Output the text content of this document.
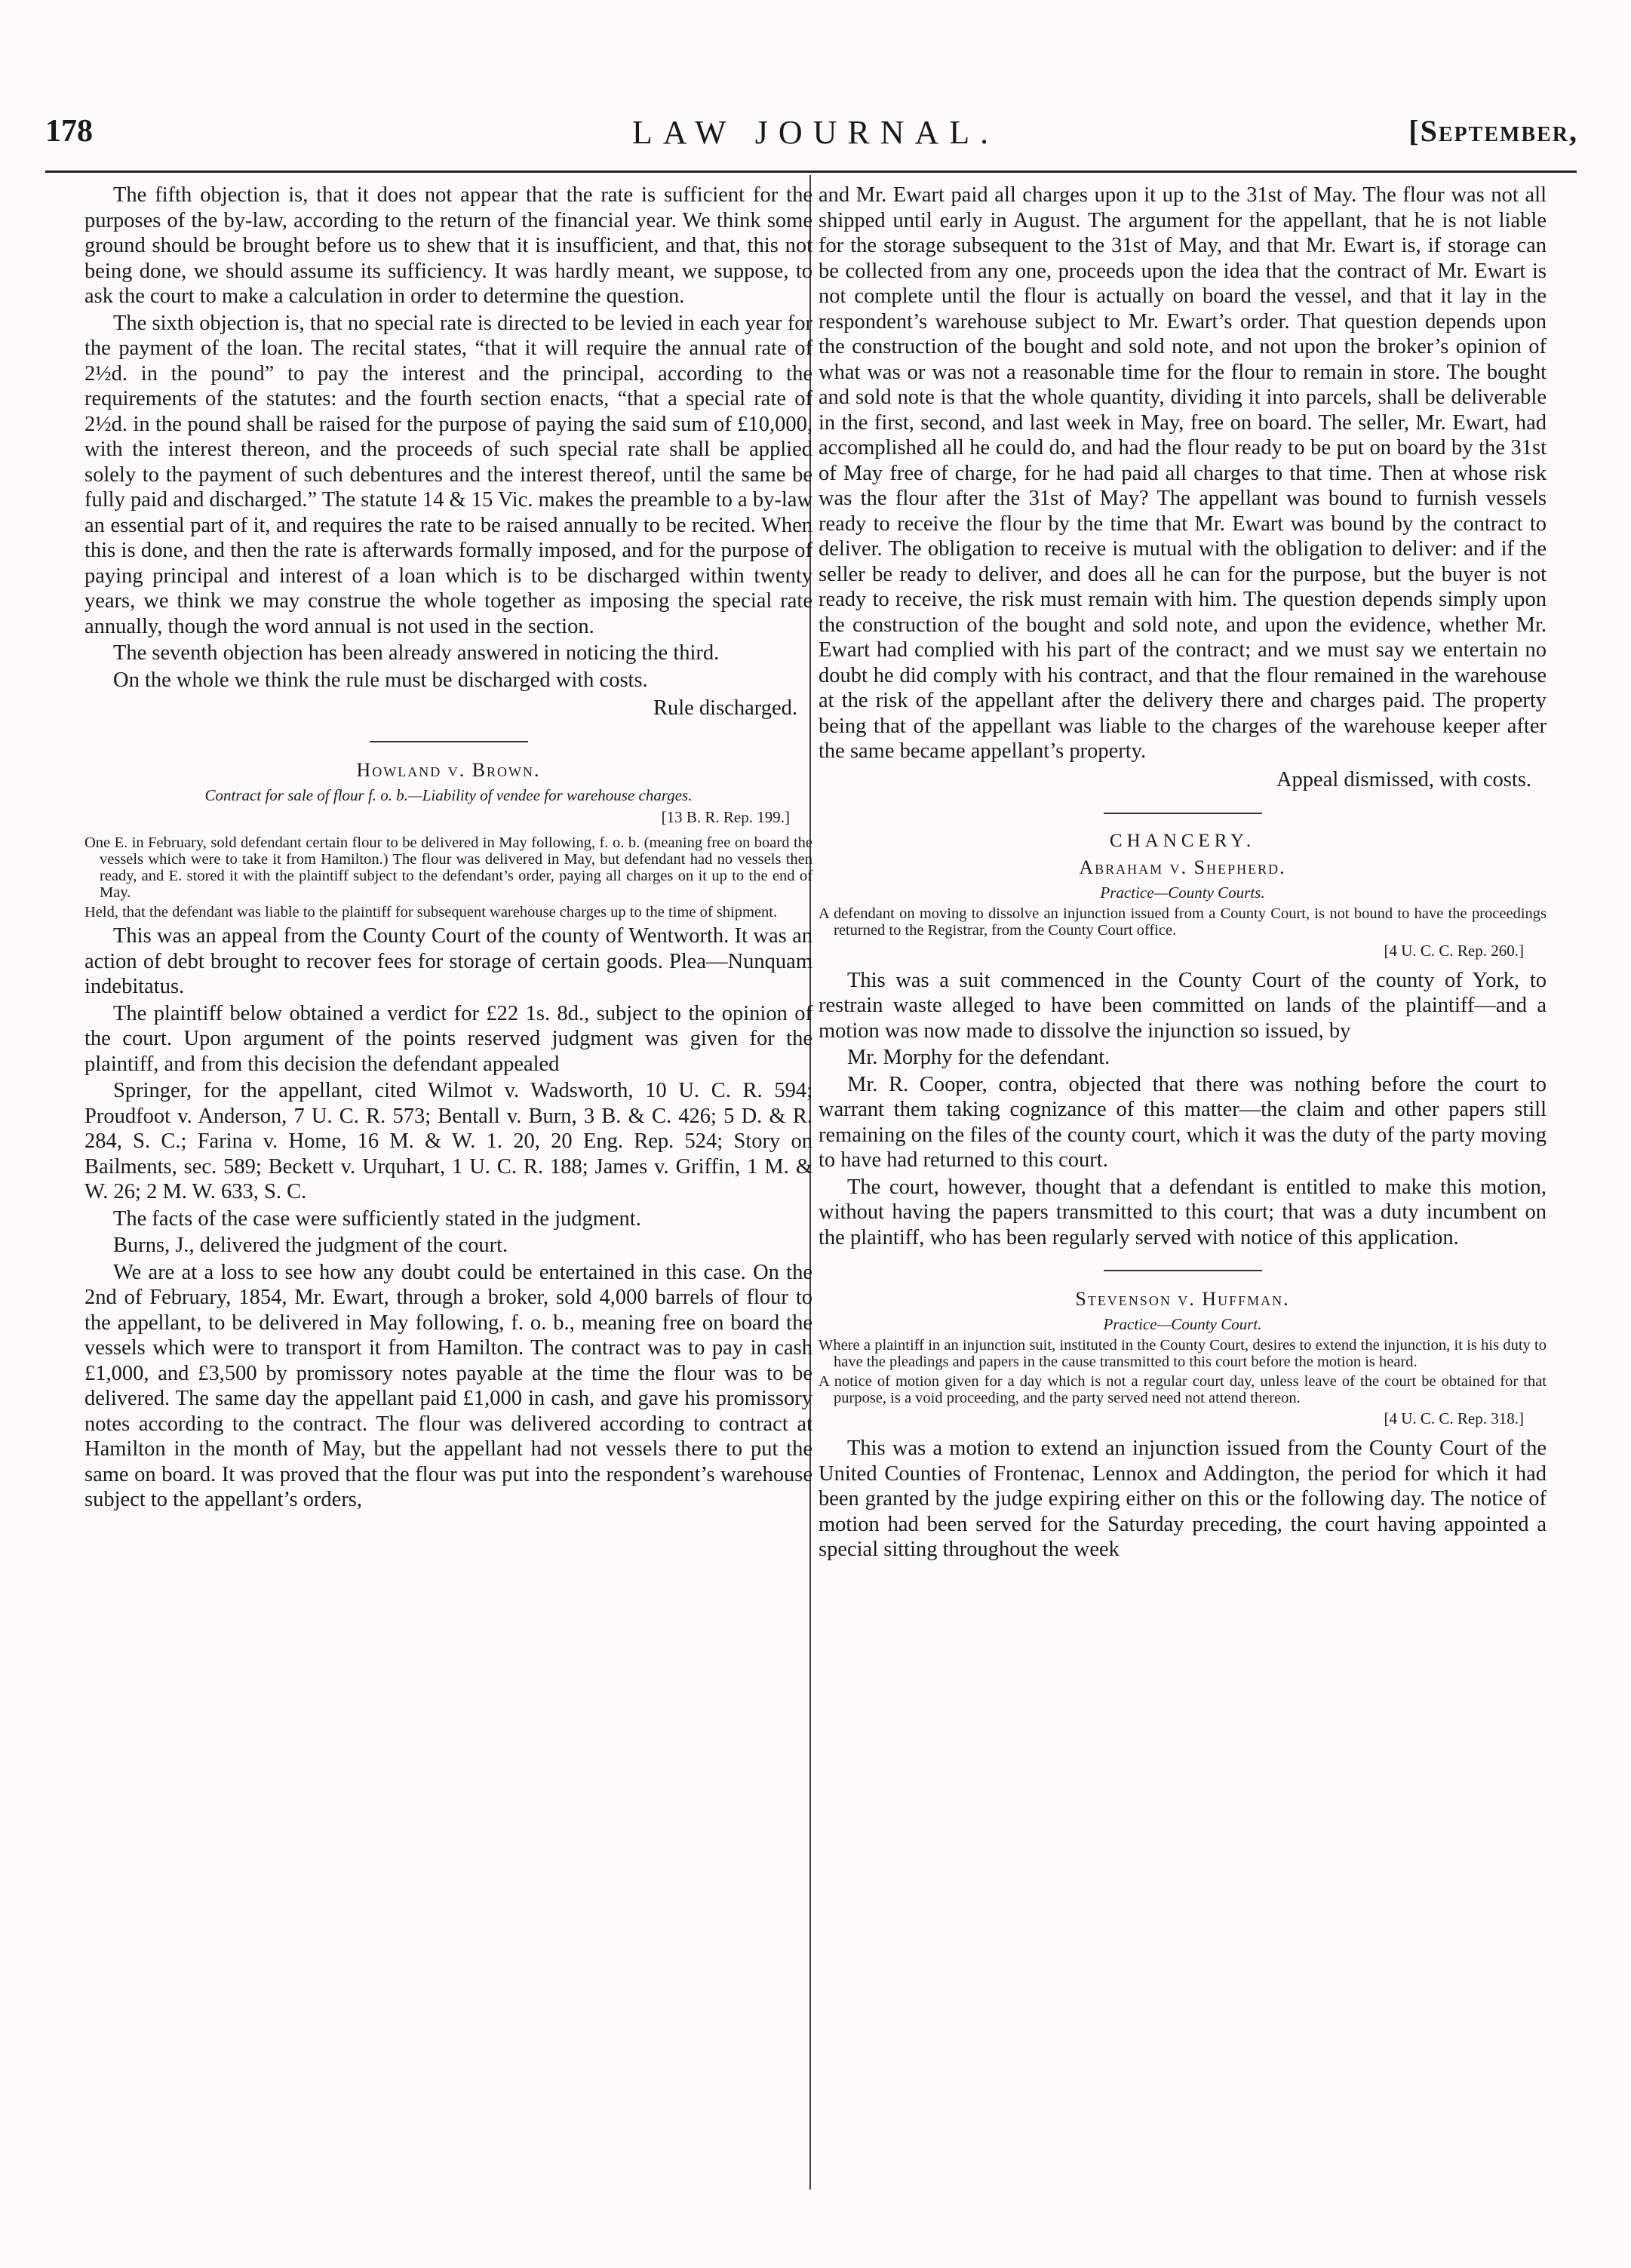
178	LAW JOURNAL.	[September,

The fifth objection is, that it does not appear that the rate is sufficient for the purposes of the by-law, according to the return of the financial year. We think some ground should be brought before us to shew that it is insufficient, and that, this not being done, we should assume its sufficiency. It was hardly meant, we suppose, to ask the court to make a calculation in order to determine the question.

The sixth objection is, that no special rate is directed to be levied in each year for the payment of the loan. The recital states, “that it will require the annual rate of 2½d. in the pound” to pay the interest and the principal, according to the requirements of the statutes: and the fourth section enacts, “that a special rate of 2½d. in the pound shall be raised for the purpose of paying the said sum of £10,000, with the interest thereon, and the proceeds of such special rate shall be applied solely to the payment of such debentures and the interest thereof, until the same be fully paid and discharged.” The statute 14 & 15 Vic. makes the preamble to a by-law an essential part of it, and requires the rate to be raised annually to be recited. When this is done, and then the rate is afterwards formally imposed, and for the purpose of paying principal and interest of a loan which is to be discharged within twenty years, we think we may construe the whole together as imposing the special rate annually, though the word annual is not used in the section.

The seventh objection has been already answered in noticing the third.

On the whole we think the rule must be discharged with costs.

Rule discharged.
Howland v. Brown.
Contract for sale of flour f. o. b.—Liability of vendee for warehouse charges.
[13 B. R. Rep. 199.]
One E. in February, sold defendant certain flour to be delivered in May following, f. o. b. (meaning free on board the vessels which were to take it from Hamilton.) The flour was delivered in May, but defendant had no vessels then ready, and E. stored it with the plaintiff subject to the defendant’s order, paying all charges on it up to the end of May.
Held, that the defendant was liable to the plaintiff for subsequent warehouse charges up to the time of shipment.

This was an appeal from the County Court of the county of Wentworth. It was an action of debt brought to recover fees for storage of certain goods. Plea—Nunquam indebitatus.

The plaintiff below obtained a verdict for £22 1s. 8d., subject to the opinion of the court. Upon argument of the points reserved judgment was given for the plaintiff, and from this decision the defendant appealed

Springer, for the appellant, cited Wilmot v. Wadsworth, 10 U. C. R. 594; Proudfoot v. Anderson, 7 U. C. R. 573; Bentall v. Burn, 3 B. & C. 426; 5 D. & R. 284, S. C.; Farina v. Home, 16 M. & W. 1. 20, 20 Eng. Rep. 524; Story on Bailments, sec. 589; Beckett v. Urquhart, 1 U. C. R. 188; James v. Griffin, 1 M. & W. 26; 2 M. W. 633, S. C.

The facts of the case were sufficiently stated in the judgment.

Burns, J., delivered the judgment of the court.

We are at a loss to see how any doubt could be entertained in this case. On the 2nd of February, 1854, Mr. Ewart, through a broker, sold 4,000 barrels of flour to the appellant, to be delivered in May following, f. o. b., meaning free on board the vessels which were to transport it from Hamilton. The contract was to pay in cash £1,000, and £3,500 by promissory notes payable at the time the flour was to be delivered. The same day the appellant paid £1,000 in cash, and gave his promissory notes according to the contract. The flour was delivered according to contract at Hamilton in the month of May, but the appellant had not vessels there to put the same on board. It was proved that the flour was put into the respondent’s warehouse subject to the appellant’s orders,

and Mr. Ewart paid all charges upon it up to the 31st of May. The flour was not all shipped until early in August. The argument for the appellant, that he is not liable for the storage subsequent to the 31st of May, and that Mr. Ewart is, if storage can be collected from any one, proceeds upon the idea that the contract of Mr. Ewart is not complete until the flour is actually on board the vessel, and that it lay in the respondent’s warehouse subject to Mr. Ewart’s order. That question depends upon the construction of the bought and sold note, and not upon the broker’s opinion of what was or was not a reasonable time for the flour to remain in store. The bought and sold note is that the whole quantity, dividing it into parcels, shall be deliverable in the first, second, and last week in May, free on board. The seller, Mr. Ewart, had accomplished all he could do, and had the flour ready to be put on board by the 31st of May free of charge, for he had paid all charges to that time. Then at whose risk was the flour after the 31st of May? The appellant was bound to furnish vessels ready to receive the flour by the time that Mr. Ewart was bound by the contract to deliver. The obligation to receive is mutual with the obligation to deliver: and if the seller be ready to deliver, and does all he can for the purpose, but the buyer is not ready to receive, the risk must remain with him. The question depends simply upon the construction of the bought and sold note, and upon the evidence, whether Mr. Ewart had complied with his part of the contract; and we must say we entertain no doubt he did comply with his contract, and that the flour remained in the warehouse at the risk of the appellant after the delivery there and charges paid. The property being that of the appellant was liable to the charges of the warehouse keeper after the same became appellant’s property.

Appeal dismissed, with costs.
CHANCERY.
Abraham v. Shepherd.
Practice—County Courts.
A defendant on moving to dissolve an injunction issued from a County Court, is not bound to have the proceedings returned to the Registrar, from the County Court office.
[4 U. C. C. Rep. 260.]

This was a suit commenced in the County Court of the county of York, to restrain waste alleged to have been committed on lands of the plaintiff—and a motion was now made to dissolve the injunction so issued, by

Mr. Morphy for the defendant.

Mr. R. Cooper, contra, objected that there was nothing before the court to warrant them taking cognizance of this matter—the claim and other papers still remaining on the files of the county court, which it was the duty of the party moving to have had returned to this court.

The court, however, thought that a defendant is entitled to make this motion, without having the papers transmitted to this court; that was a duty incumbent on the plaintiff, who has been regularly served with notice of this application.

Stevenson v. Huffman.
Practice—County Court.
Where a plaintiff in an injunction suit, instituted in the County Court, desires to extend the injunction, it is his duty to have the pleadings and papers in the cause transmitted to this court before the motion is heard.
A notice of motion given for a day which is not a regular court day, unless leave of the court be obtained for that purpose, is a void proceeding, and the party served need not attend thereon.
[4 U. C. C. Rep. 318.]

This was a motion to extend an injunction issued from the County Court of the United Counties of Frontenac, Lennox and Addington, the period for which it had been granted by the judge expiring either on this or the following day. The notice of motion had been served for the Saturday preceding, the court having appointed a special sitting throughout the week
